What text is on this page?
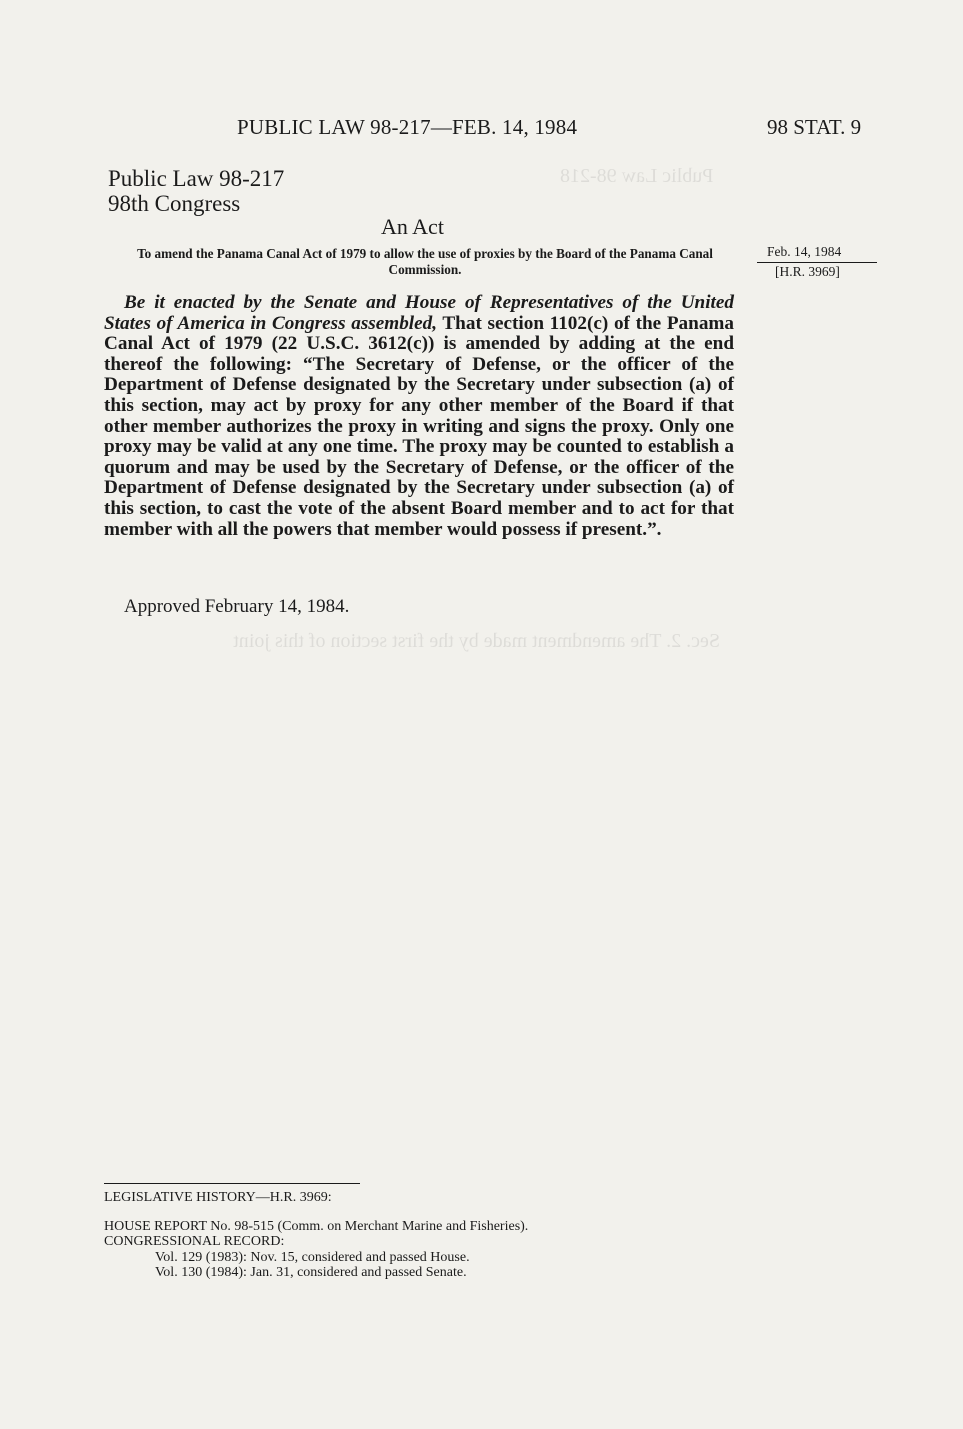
Public Law 98-218
Sec. 2. The amendment made by the first section of this joint
PUBLIC LAW 98-217—FEB. 14, 1984	98 STAT. 9
Public Law 98-217
98th Congress
An Act
To amend the Panama Canal Act of 1979 to allow the use of proxies by the Board of the Panama Canal Commission.
Feb. 14, 1984
[H.R. 3969]
Be it enacted by the Senate and House of Representatives of the United States of America in Congress assembled, That section 1102(c) of the Panama Canal Act of 1979 (22 U.S.C. 3612(c)) is amended by adding at the end thereof the following: “The Secretary of Defense, or the officer of the Department of Defense designated by the Secretary under subsection (a) of this section, may act by proxy for any other member of the Board if that other member authorizes the proxy in writing and signs the proxy. Only one proxy may be valid at any one time. The proxy may be counted to establish a quorum and may be used by the Secretary of Defense, or the officer of the Department of Defense designated by the Secretary under subsection (a) of this section, to cast the vote of the absent Board member and to act for that member with all the powers that member would possess if present.”.
Approved February 14, 1984.
LEGISLATIVE HISTORY—H.R. 3969:
HOUSE REPORT No. 98-515 (Comm. on Merchant Marine and Fisheries).
CONGRESSIONAL RECORD:
Vol. 129 (1983): Nov. 15, considered and passed House.
Vol. 130 (1984): Jan. 31, considered and passed Senate.
